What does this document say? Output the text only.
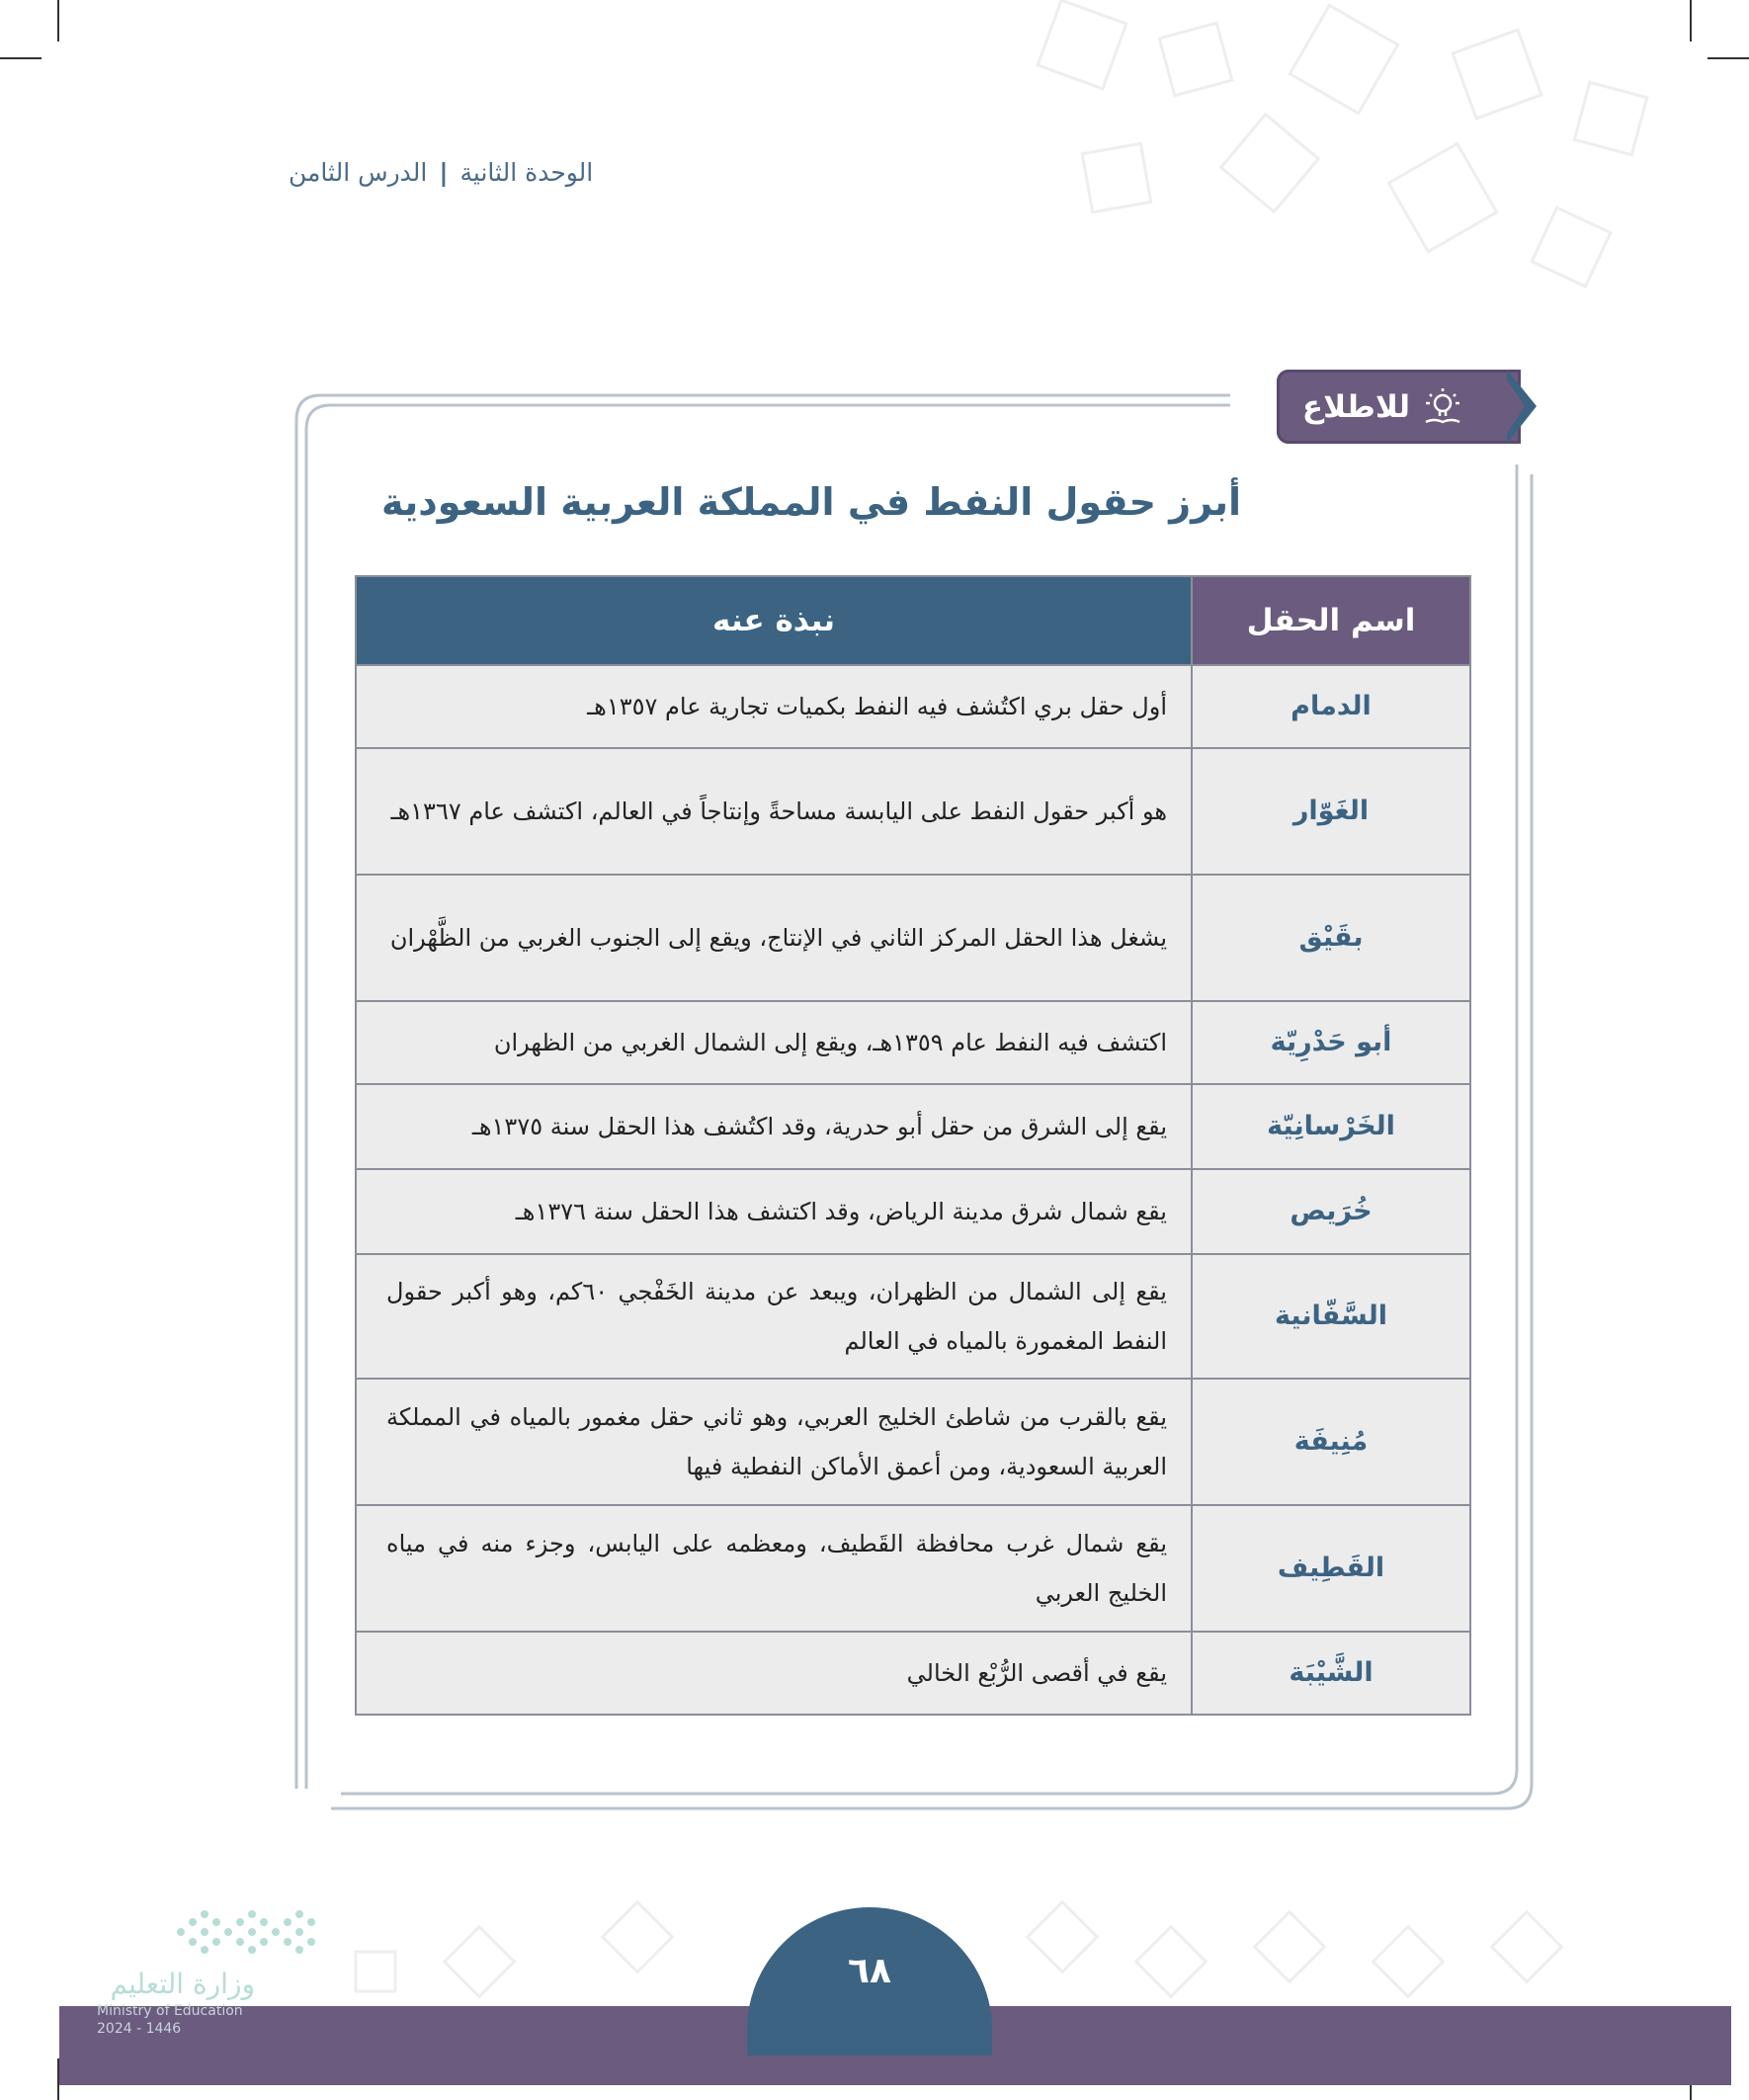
الوحدة الثانية|الدرس الثامن
للاطلاع
أبرز حقول النفط في المملكة العربية السعودية
اسم الحقل	نبذة عنه
الدمام	أول حقل بري اكتُشف فيه النفط بكميات تجارية عام ١٣٥٧هـ
الغَوّار	هو أكبر حقول النفط على اليابسة مساحةً وإنتاجاً في العالم، اكتشف عام ١٣٦٧هـ
بقَيْق	يشغل هذا الحقل المركز الثاني في الإنتاج، ويقع إلى الجنوب الغربي من الظَّهْران
أبو حَدْرِيّة	اكتشف فيه النفط عام ١٣٥٩هـ، ويقع إلى الشمال الغربي من الظهران
الخَرْسانِيّة	يقع إلى الشرق من حقل أبو حدرية، وقد اكتُشف هذا الحقل سنة ١٣٧٥هـ
خُرَيص	يقع شمال شرق مدينة الرياض، وقد اكتشف هذا الحقل سنة ١٣٧٦هـ
السَّفّانية	يقع إلى الشمال من الظهران، ويبعد عن مدينة الخَفْجي ٦٠كم، وهو أكبر حقول النفط المغمورة بالمياه في العالم
مُنِيفَة	يقع بالقرب من شاطئ الخليج العربي، وهو ثاني حقل مغمور بالمياه في المملكة العربية السعودية، ومن أعمق الأماكن النفطية فيها
القَطِيف	يقع شمال غرب محافظة القَطيف، ومعظمه على اليابس، وجزء منه في مياه الخليج العربي
الشَّيْبَة	يقع في أقصى الرُّبْع الخالي
٦٨
وزارة التعليم
Ministry of Education
2024 - 1446
